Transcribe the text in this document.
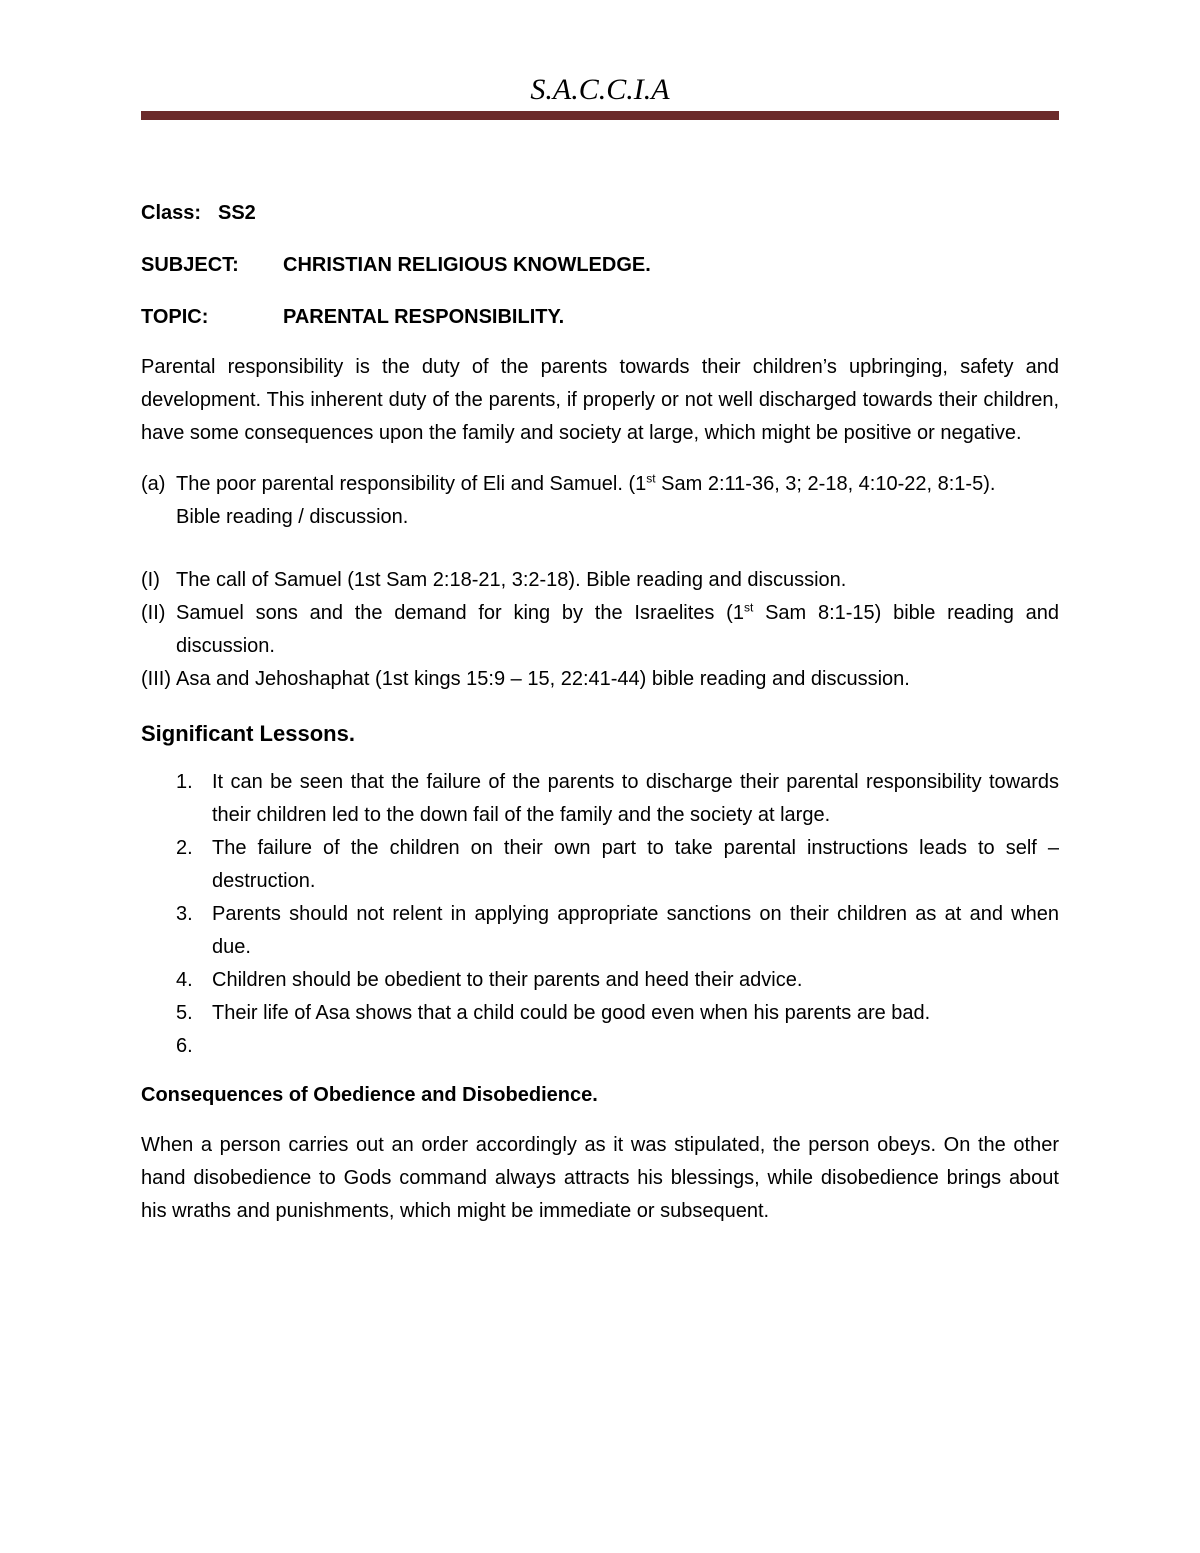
S.A.C.C.I.A
Class: SS2
SUBJECT:	CHRISTIAN RELIGIOUS KNOWLEDGE.
TOPIC:	PARENTAL RESPONSIBILITY.

Parental responsibility is the duty of the parents towards their children’s upbringing, safety and development. This inherent duty of the parents, if properly or not well discharged towards their children, have some consequences upon the family and society at large, which might be positive or negative.

(a) The poor parental responsibility of Eli and Samuel. (1st Sam 2:11-36, 3; 2-18, 4:10-22, 8:1-5).
Bible reading / discussion.
(I) The call of Samuel (1st Sam 2:18-21, 3:2-18). Bible reading and discussion.
(II) Samuel sons and the demand for king by the Israelites (1st Sam 8:1-15) bible reading and discussion.
(III) Asa and Jehoshaphat (1st kings 15:9 – 15, 22:41-44) bible reading and discussion.
Significant Lessons.
1. It can be seen that the failure of the parents to discharge their parental responsibility towards their children led to the down fail of the family and the society at large.
2. The failure of the children on their own part to take parental instructions leads to self – destruction.
3. Parents should not relent in applying appropriate sanctions on their children as at and when due.
4. Children should be obedient to their parents and heed their advice.
5. Their life of Asa shows that a child could be good even when his parents are bad.
6.
Consequences of Obedience and Disobedience.

When a person carries out an order accordingly as it was stipulated, the person obeys. On the other hand disobedience to Gods command always attracts his blessings, while disobedience brings about his wraths and punishments, which might be immediate or subsequent.
